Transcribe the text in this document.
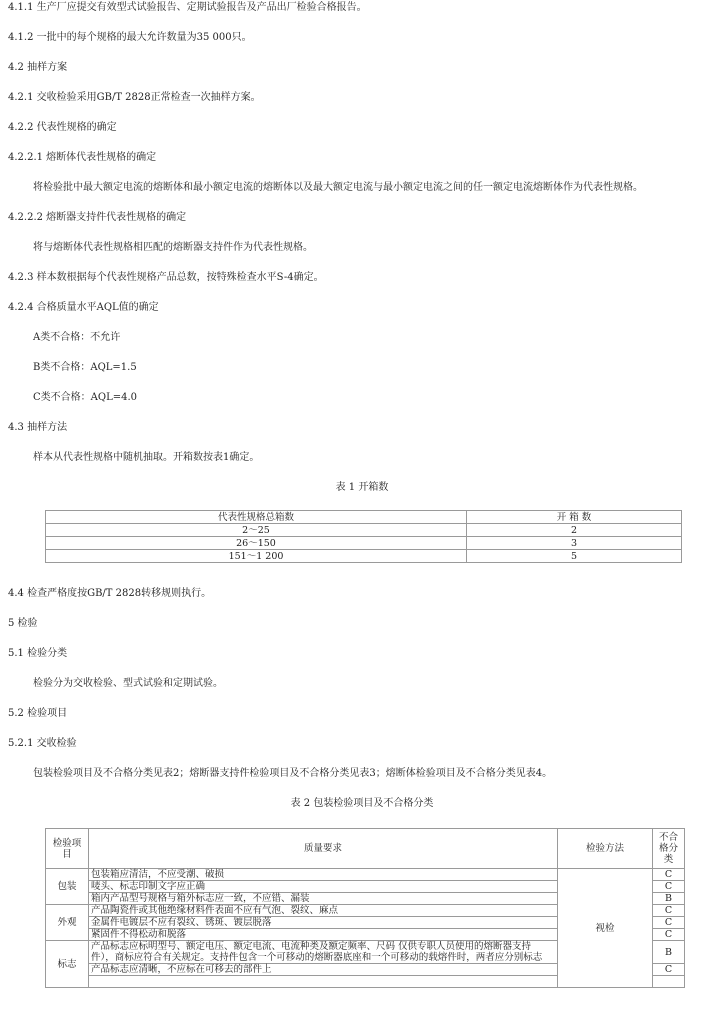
4.1.1 生产厂应提交有效型式试验报告、定期试验报告及产品出厂检验合格报告。
4.1.2 一批中的每个规格的最大允许数量为35 000只。
4.2 抽样方案
4.2.1 交收检验采用GB/T 2828正常检查一次抽样方案。
4.2.2 代表性规格的确定
4.2.2.1 熔断体代表性规格的确定
将检验批中最大额定电流的熔断体和最小额定电流的熔断体以及最大额定电流与最小额定电流之间的任一额定电流熔断体作为代表性规格。
4.2.2.2 熔断器支持件代表性规格的确定
将与熔断体代表性规格相匹配的熔断器支持件作为代表性规格。
4.2.3 样本数根据每个代表性规格产品总数，按特殊检查水平S-4确定。
4.2.4 合格质量水平AQL值的确定
A类不合格：不允许
B类不合格：AQL=1.5
C类不合格：AQL=4.0
4.3 抽样方法
样本从代表性规格中随机抽取。开箱数按表1确定。
表 1 开箱数
代表性规格总箱数	开 箱 数
2～25	2
26～150	3
151～1 200	5
4.4 检查严格度按GB/T 2828转移规则执行。
5 检验
5.1 检验分类
检验分为交收检验、型式试验和定期试验。
5.2 检验项目
5.2.1 交收检验
包装检验项目及不合格分类见表2；熔断器支持件检验项目及不合格分类见表3；熔断体检验项目及不合格分类见表4。
表 2 包装检验项目及不合格分类
检验项目	质量要求	检验方法	不合格分类
包装	包装箱应清洁，不应受潮、破损	视检	C
	唛头、标志印制文字应正确		C
	箱内产品型号规格与箱外标志应一致，不应错、漏装		B
外观	产品陶瓷件或其他绝缘材料件表面不应有气泡、裂纹、麻点		C
	金属件电镀层不应有裂纹、锈斑、镀层脱落		C
	紧固件不得松动和脱落		C
标志	产品标志应标明型号、额定电压、额定电流、电流种类及额定频率、尺码 仅供专职人员使用的熔断器支持件），商标应符合有关规定。支持件包含一个可移动的熔断器底座和一个可移动的载熔件时，两者应分别标志		B
	产品标志应清晰，不应标在可移去的部件上		C
